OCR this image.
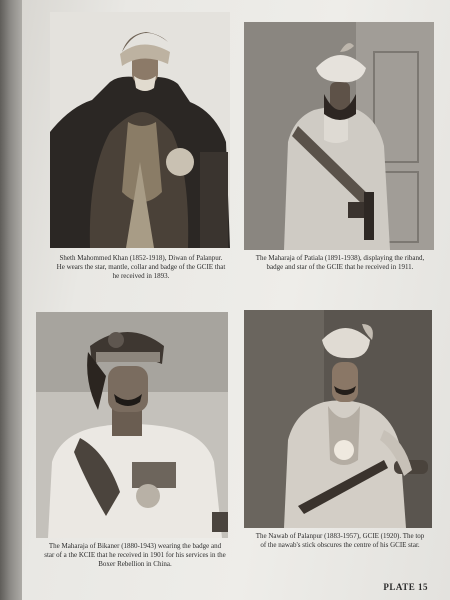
Sheth Mahommed Khan (1852-1918), Diwan of Palanpur.

He wears the star, mantle, collar and badge of the GCIE that

he received in 1893.

The Maharaja of Patiala (1891-1938), displaying the riband,

badge and star of the GCIE that he received in 1911.

The Maharaja of Bikaner (1880-1943) wearing the badge and

star of a the KCIE that he received in 1901 for his services in the

Boxer Rebellion in China.

The Nawab of Palanpur (1883-1957), GCIE (1920). The top

of the nawab's stick obscures the centre of his GCIE star.

PLATE 15
